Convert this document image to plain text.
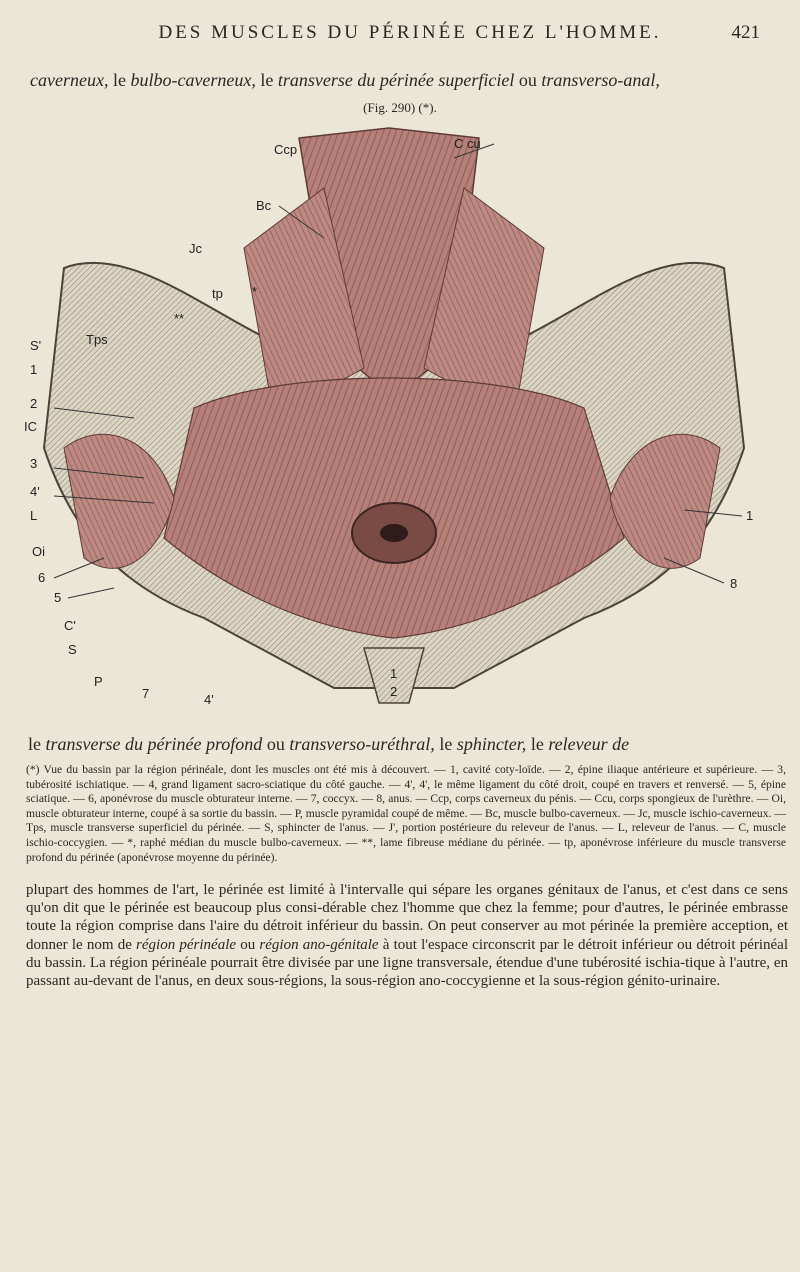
DES MUSCLES DU PÉRINÉE CHEZ L'HOMME.	421
caverneux, le bulbo-caverneux, le transverse du périnée superficiel ou transverso-anal,
(Fig. 290) (*).
Ccp	C cu
Bc
Jc
tp *
**
Tps
S'
1
2
IC
3
4'
L
Oi
6
5
C'
S
P
7	4'
8
1
1
2
le transverse du périnée profond ou transverso-uréthral, le sphincter, le releveur de
(*) Vue du bassin par la région périnéale, dont les muscles ont été mis à découvert. — 1, cavité coty-loïde. — 2, épine iliaque antérieure et supérieure. — 3, tubérosité ischiatique. — 4, grand ligament sacro-sciatique du côté gauche. — 4', 4', le même ligament du côté droit, coupé en travers et renversé. — 5, épine sciatique. — 6, aponévrose du muscle obturateur interne. — 7, coccyx. — 8, anus. — Ccp, corps caverneux du pénis. — Ccu, corps spongieux de l'urèthre. — Oi, muscle obturateur interne, coupé à sa sortie du bassin. — P, muscle pyramidal coupé de même. — Bc, muscle bulbo-caverneux. — Jc, muscle ischio-caverneux. — Tps, muscle transverse superficiel du périnée. — S, sphincter de l'anus. — J', portion postérieure du releveur de l'anus. — L, releveur de l'anus. — C, muscle ischio-coccygien. — *, raphé médian du muscle bulbo-caverneux. — **, lame fibreuse médiane du périnée. — tp, aponévrose inférieure du muscle transverse profond du périnée (aponévrose moyenne du périnée).
plupart des hommes de l'art, le périnée est limité à l'intervalle qui sépare les organes génitaux de l'anus, et c'est dans ce sens qu'on dit que le périnée est beaucoup plus consi-dérable chez l'homme que chez la femme; pour d'autres, le périnée embrasse toute la région comprise dans l'aire du détroit inférieur du bassin. On peut conserver au mot périnée la première acception, et donner le nom de région périnéale ou région ano-génitale à tout l'espace circonscrit par le détroit inférieur ou détroit périnéal du bassin. La région périnéale pourrait être divisée par une ligne transversale, étendue d'une tubérosité ischia-tique à l'autre, en passant au-devant de l'anus, en deux sous-régions, la sous-région ano-coccygienne et la sous-région génito-urinaire.
